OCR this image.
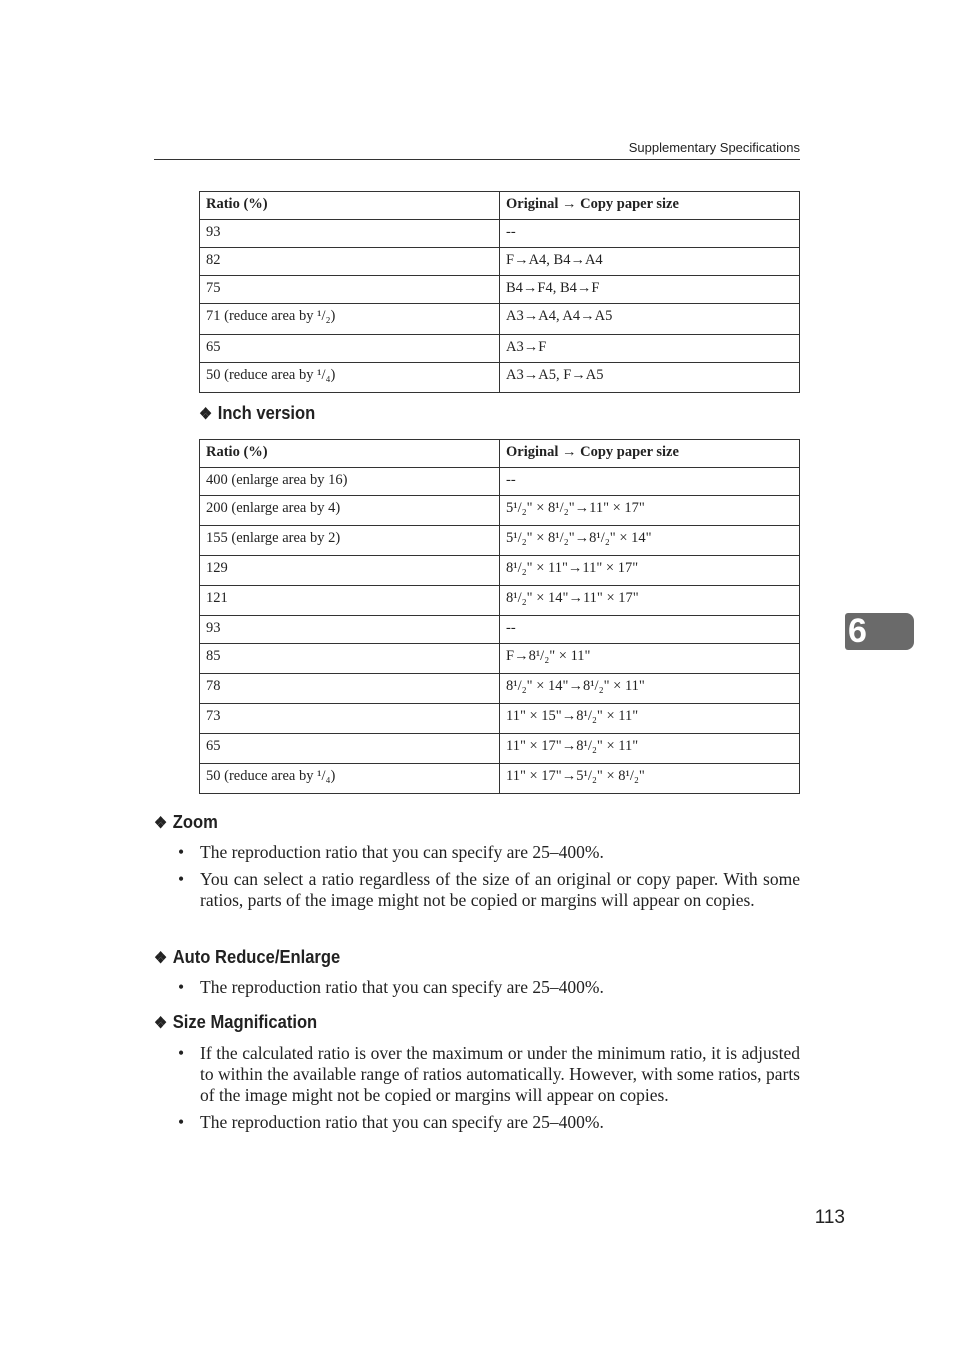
Supplementary Specifications
Ratio (%)	Original → Copy paper size
93	--
82	F→A4, B4→A4
75	B4→F4, B4→F
71 (reduce area by ¹/₂)	A3→A4, A4→A5
65	A3→F
50 (reduce area by ¹/₄)	A3→A5, F→A5
❖ Inch version
Ratio (%)	Original → Copy paper size
400 (enlarge area by 16)	--
200 (enlarge area by 4)	5¹/₂" × 8¹/₂"→11" × 17"
155 (enlarge area by 2)	5¹/₂" × 8¹/₂"→8¹/₂" × 14"
129	8¹/₂" × 11"→11" × 17"
121	8¹/₂" × 14"→11" × 17"
93	--
85	F→8¹/₂" × 11"
78	8¹/₂" × 14"→8¹/₂" × 11"
73	11" × 15"→8¹/₂" × 11"
65	11" × 17"→8¹/₂" × 11"
50 (reduce area by ¹/₄)	11" × 17"→5¹/₂" × 8¹/₂"
❖ Zoom
• The reproduction ratio that you can specify are 25–400%.
• You can select a ratio regardless of the size of an original or copy paper. With some ratios, parts of the image might not be copied or margins will appear on copies.
❖ Auto Reduce/Enlarge
• The reproduction ratio that you can specify are 25–400%.
❖ Size Magnification
• If the calculated ratio is over the maximum or under the minimum ratio, it is adjusted to within the available range of ratios automatically. However, with some ratios, parts of the image might not be copied or margins will appear on copies.
• The reproduction ratio that you can specify are 25–400%.
6
113
